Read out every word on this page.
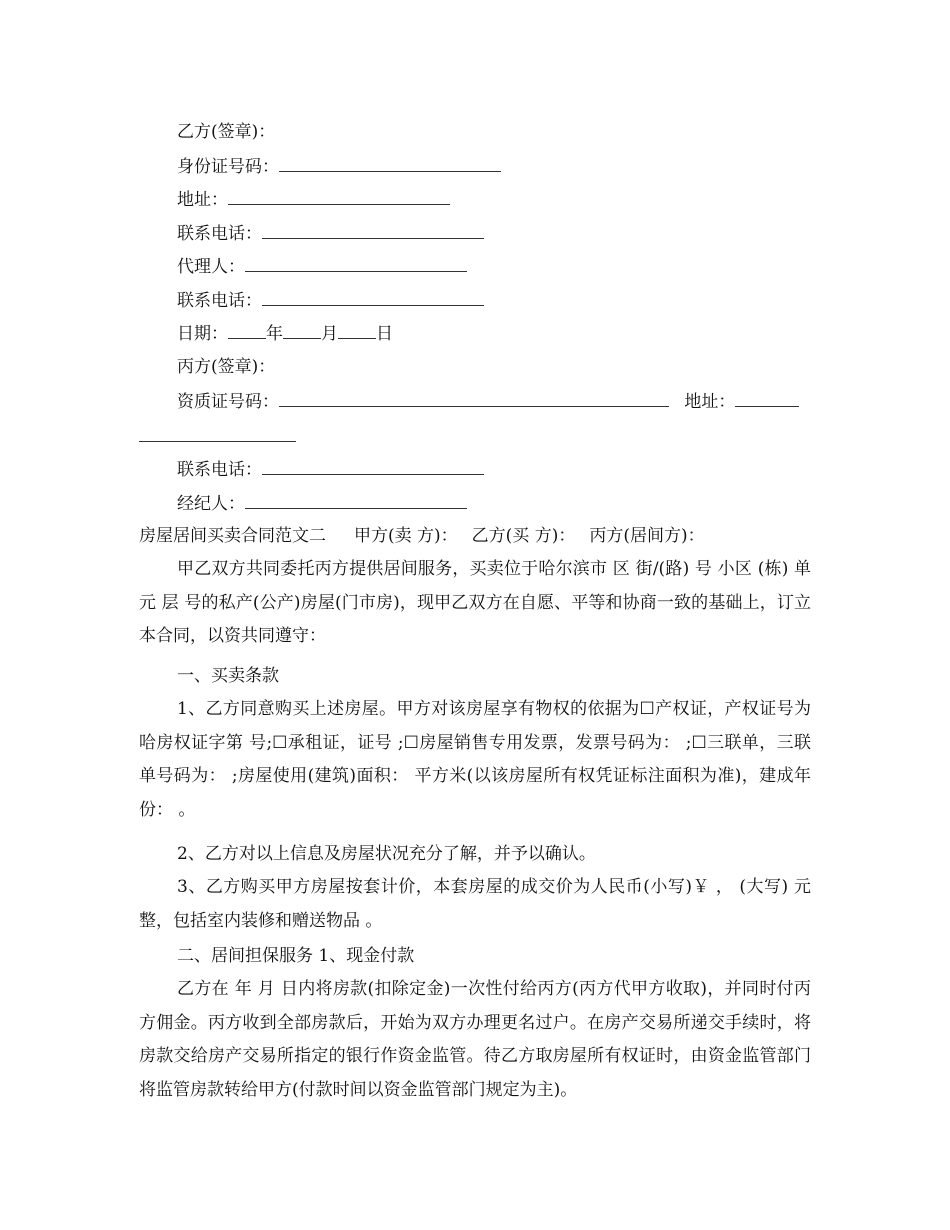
乙方(签章)：
身份证号码：
地址：
联系电话：
代理人：
联系电话：
日期： 年 月 日
丙方(签章)：
资质证号码：	地址：
联系电话：
经纪人：
房屋居间买卖合同范文二 甲方(卖 方)： 乙方(买 方)： 丙方(居间方)：

甲乙双方共同委托丙方提供居间服务，买卖位于哈尔滨市 区 街/(路) 号 小区 (栋) 单元 层 号的私产(公产)房屋(门市房)，现甲乙双方在自愿、平等和协商一致的基础上，订立本合同，以资共同遵守：

一、买卖条款

1、乙方同意购买上述房屋。甲方对该房屋享有物权的依据为☐产权证，产权证号为哈房权证字第 号;☐承租证，证号 ;☐房屋销售专用发票，发票号码为： ;☐三联单，三联单号码为： ;房屋使用(建筑)面积： 平方米(以该房屋所有权凭证标注面积为准)，建成年份： 。

2、乙方对以上信息及房屋状况充分了解，并予以确认。

3、乙方购买甲方房屋按套计价，本套房屋的成交价为人民币(小写)￥ ， (大写) 元整，包括室内装修和赠送物品 。

二、居间担保服务 1、现金付款

乙方在 年 月 日内将房款(扣除定金)一次性付给丙方(丙方代甲方收取)，并同时付丙方佣金。丙方收到全部房款后，开始为双方办理更名过户。在房产交易所递交手续时，将房款交给房产交易所指定的银行作资金监管。待乙方取房屋所有权证时，由资金监管部门将监管房款转给甲方(付款时间以资金监管部门规定为主)。
